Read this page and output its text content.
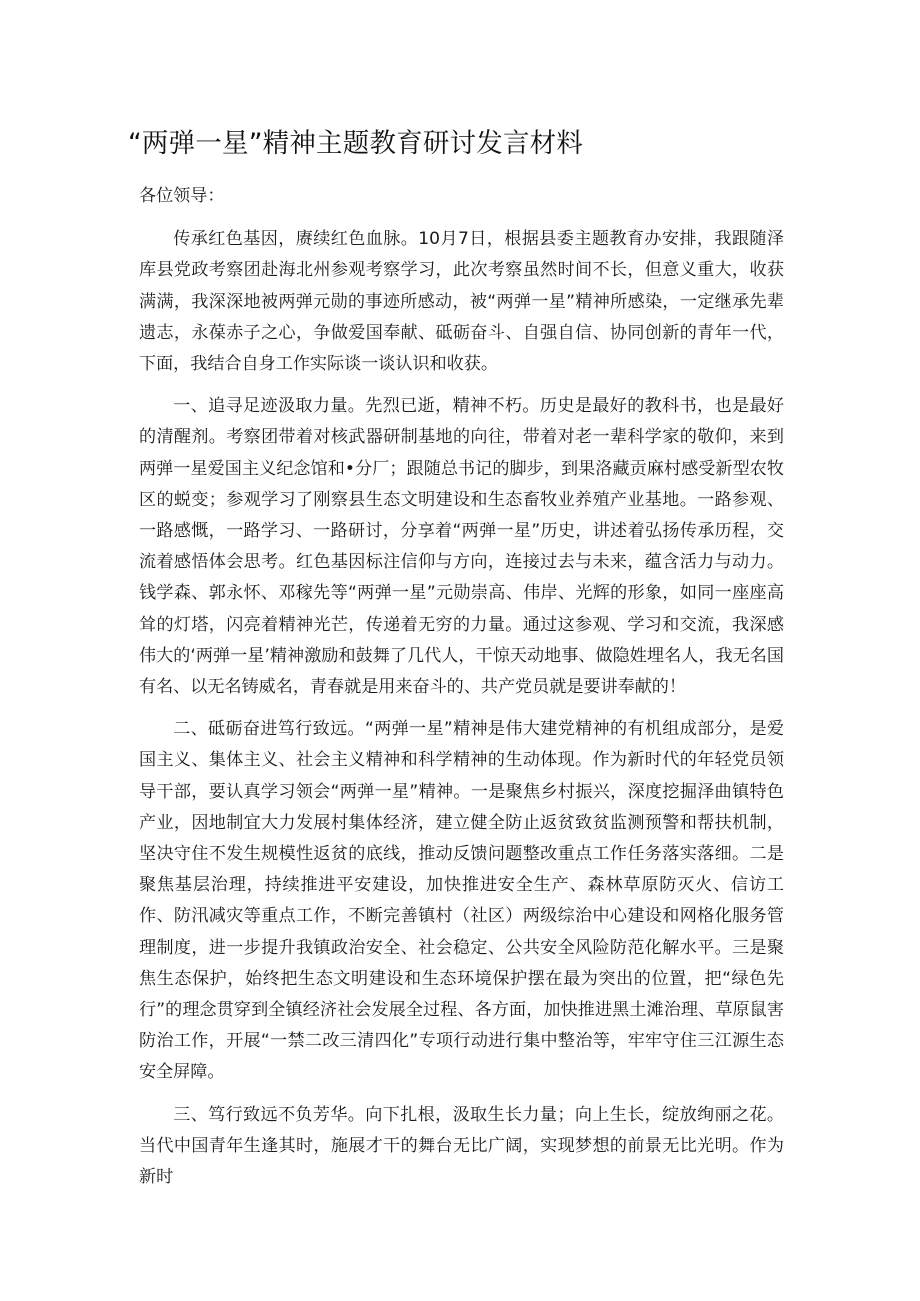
“两弹一星”精神主题教育研讨发言材料

各位领导：

传承红色基因，赓续红色血脉。10月7日，根据县委主题教育办安排，我跟随泽库县党政考察团赴海北州参观考察学习，此次考察虽然时间不长，但意义重大，收获满满，我深深地被两弹元勋的事迹所感动，被“两弹一星”精神所感染，一定继承先辈遗志，永葆赤子之心，争做爱国奉献、砥砺奋斗、自强自信、协同创新的青年一代，下面，我结合自身工作实际谈一谈认识和收获。

一、追寻足迹汲取力量。先烈已逝，精神不朽。历史是最好的教科书，也是最好的清醒剂。考察团带着对核武器研制基地的向往，带着对老一辈科学家的敬仰，来到两弹一星爱国主义纪念馆和•分厂；跟随总书记的脚步，到果洛藏贡麻村感受新型农牧区的蜕变；参观学习了刚察县生态文明建设和生态畜牧业养殖产业基地。一路参观、一路感慨，一路学习、一路研讨，分享着“两弹一星”历史，讲述着弘扬传承历程，交流着感悟体会思考。红色基因标注信仰与方向，连接过去与未来，蕴含活力与动力。钱学森、郭永怀、邓稼先等“两弹一星”元勋崇高、伟岸、光辉的形象，如同一座座高耸的灯塔，闪亮着精神光芒，传递着无穷的力量。通过这参观、学习和交流，我深感伟大的‘两弹一星’精神激励和鼓舞了几代人，干惊天动地事、做隐姓埋名人，我无名国有名、以无名铸威名，青春就是用来奋斗的、共产党员就是要讲奉献的！

二、砥砺奋进笃行致远。“两弹一星”精神是伟大建党精神的有机组成部分，是爱国主义、集体主义、社会主义精神和科学精神的生动体现。作为新时代的年轻党员领导干部，要认真学习领会“两弹一星”精神。一是聚焦乡村振兴，深度挖掘泽曲镇特色产业，因地制宜大力发展村集体经济，建立健全防止返贫致贫监测预警和帮扶机制，坚决守住不发生规模性返贫的底线，推动反馈问题整改重点工作任务落实落细。二是聚焦基层治理，持续推进平安建设，加快推进安全生产、森林草原防灭火、信访工作、防汛减灾等重点工作，不断完善镇村（社区）两级综治中心建设和网格化服务管理制度，进一步提升我镇政治安全、社会稳定、公共安全风险防范化解水平。三是聚焦生态保护，始终把生态文明建设和生态环境保护摆在最为突出的位置，把“绿色先行”的理念贯穿到全镇经济社会发展全过程、各方面，加快推进黑土滩治理、草原鼠害防治工作，开展“一禁二改三清四化”专项行动进行集中整治等，牢牢守住三江源生态安全屏障。

三、笃行致远不负芳华。向下扎根，汲取生长力量；向上生长，绽放绚丽之花。当代中国青年生逢其时，施展才干的舞台无比广阔，实现梦想的前景无比光明。作为新时
